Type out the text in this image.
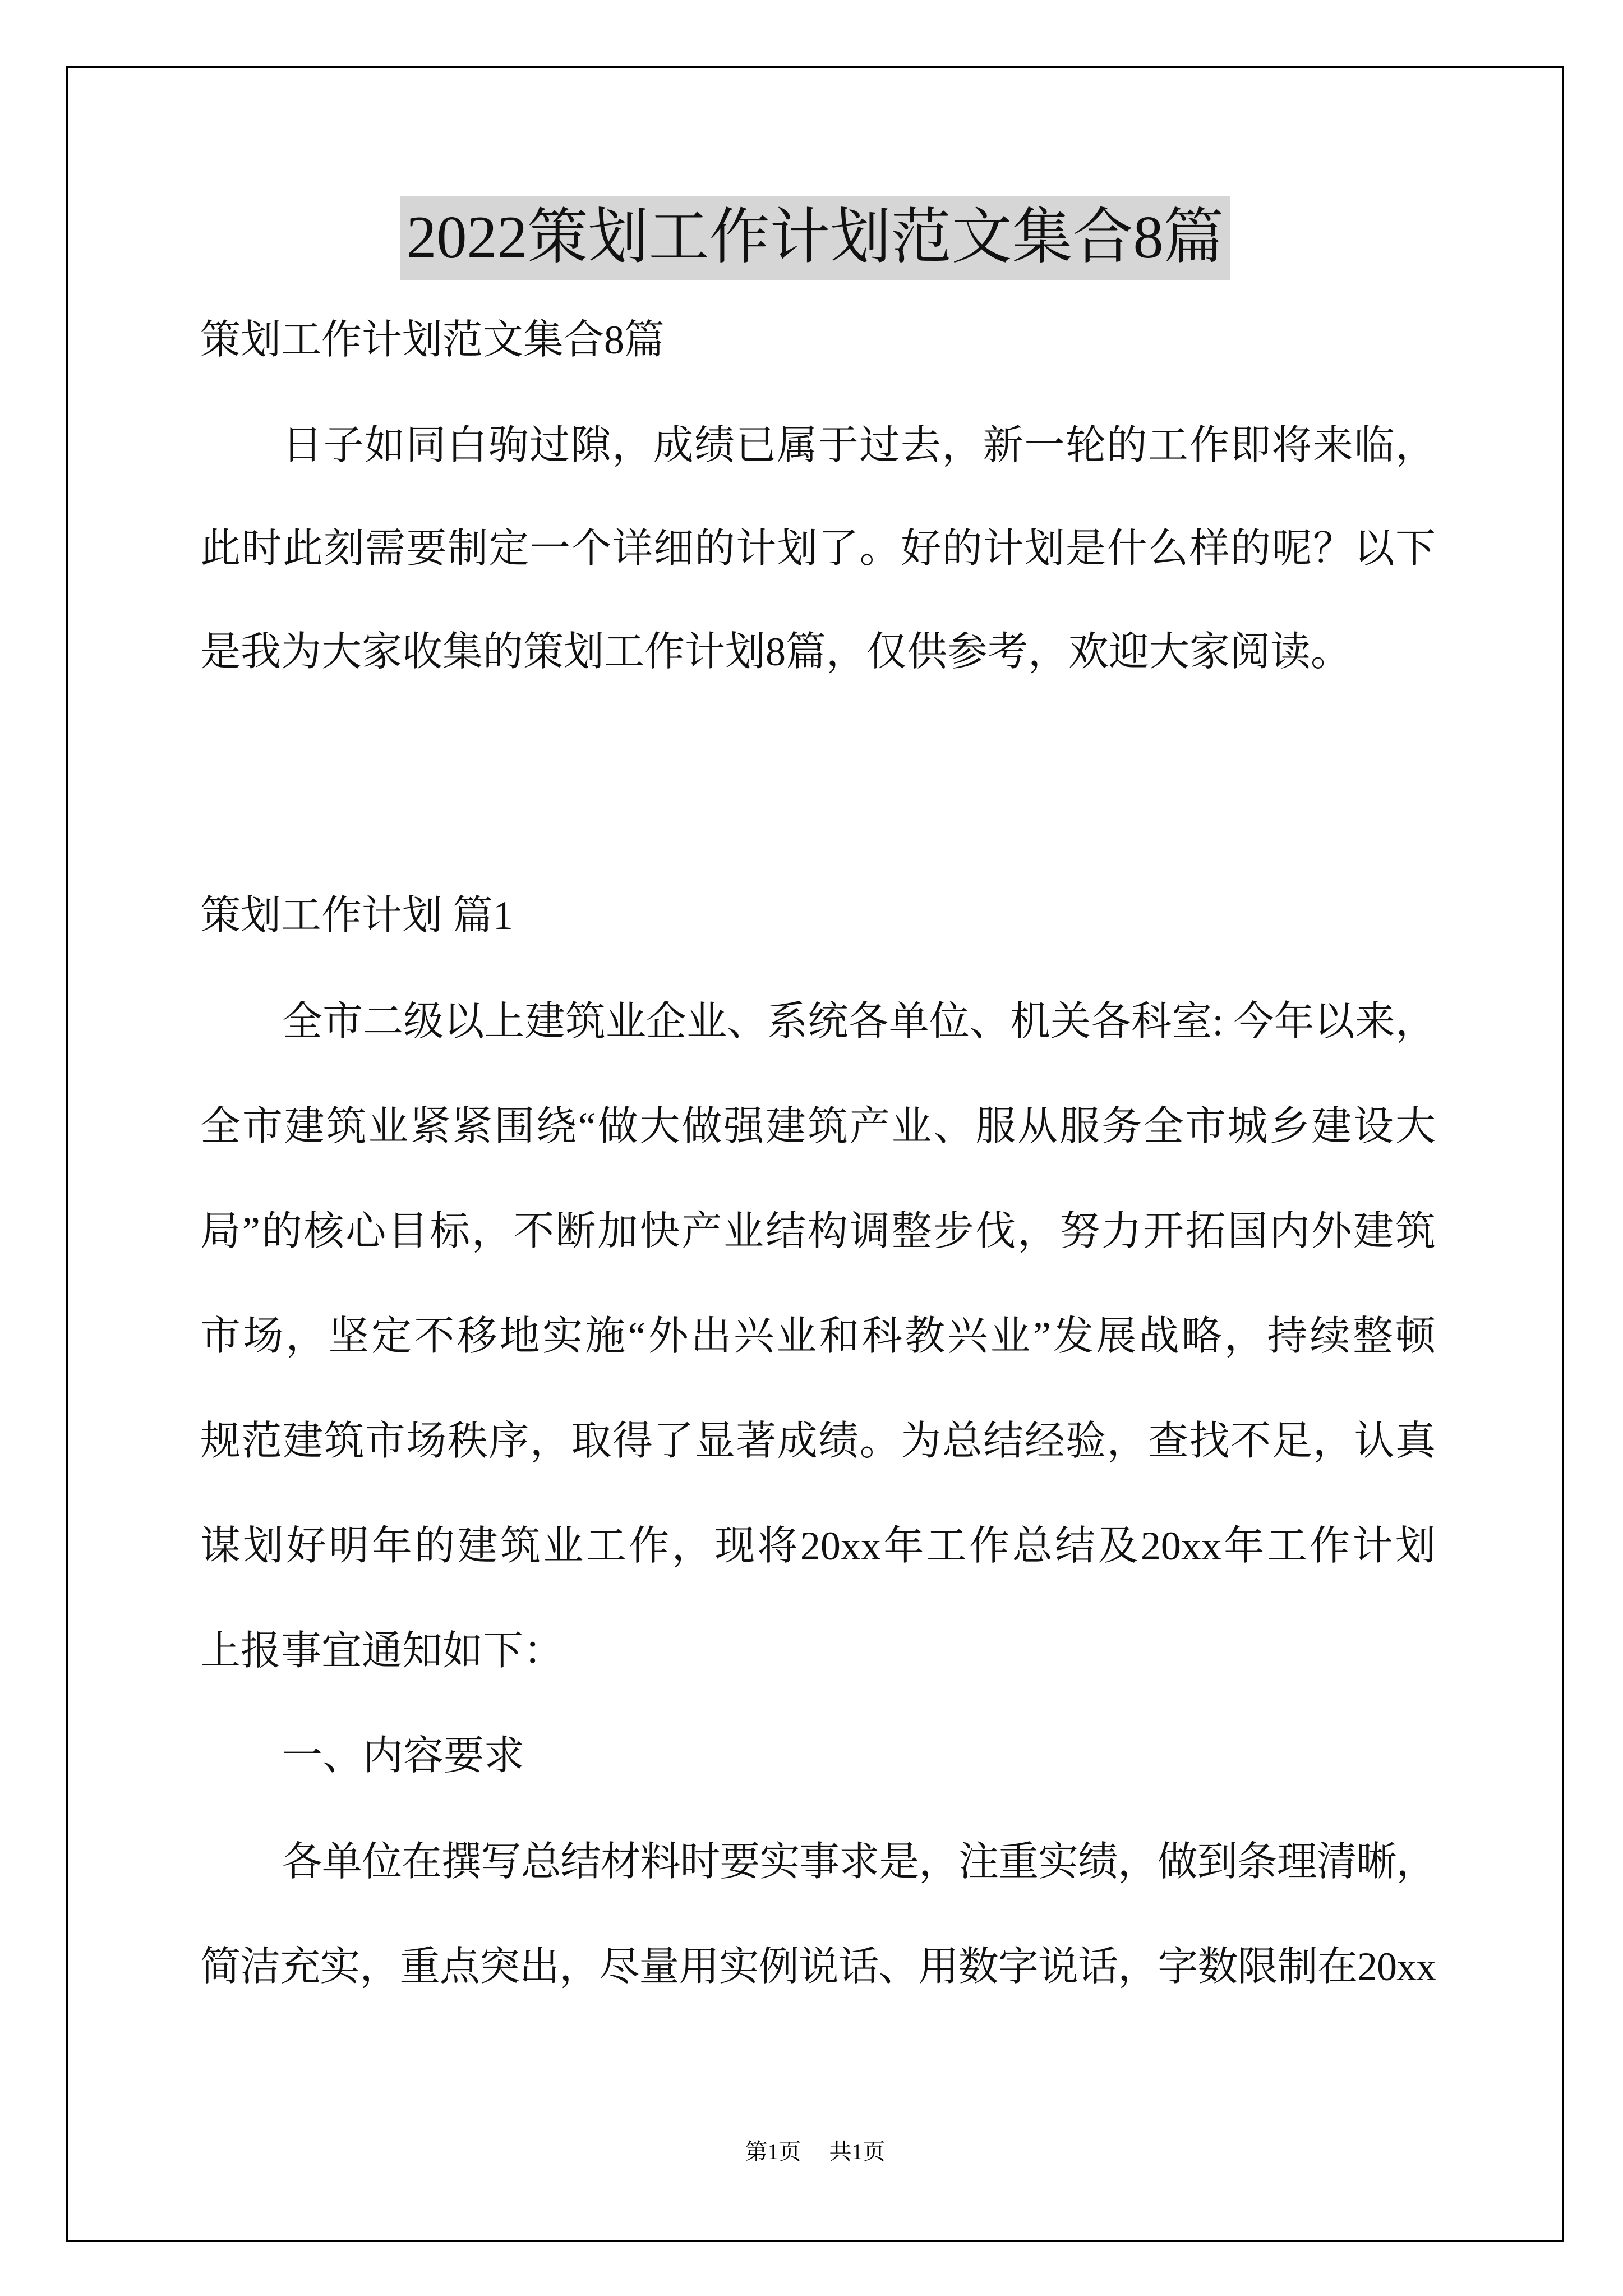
2022策划工作计划范文集合8篇
策划工作计划范文集合8篇
日子如同白驹过隙，成绩已属于过去，新一轮的工作即将来临，
此时此刻需要制定一个详细的计划了。好的计划是什么样的呢？以下
是我为大家收集的策划工作计划8篇，仅供参考，欢迎大家阅读。
策划工作计划 篇1
全市二级以上建筑业企业、系统各单位、机关各科室: 今年以来，
全市建筑业紧紧围绕“做大做强建筑产业、服从服务全市城乡建设大
局”的核心目标，不断加快产业结构调整步伐，努力开拓国内外建筑
市场，坚定不移地实施“外出兴业和科教兴业”发展战略，持续整顿
规范建筑市场秩序，取得了显著成绩。为总结经验，查找不足，认真
谋划好明年的建筑业工作，现将20xx年工作总结及20xx年工作计划
上报事宜通知如下：
一、内容要求
各单位在撰写总结材料时要实事求是，注重实绩，做到条理清晰，
简洁充实，重点突出，尽量用实例说话、用数字说话，字数限制在20xx
第1页 共1页
